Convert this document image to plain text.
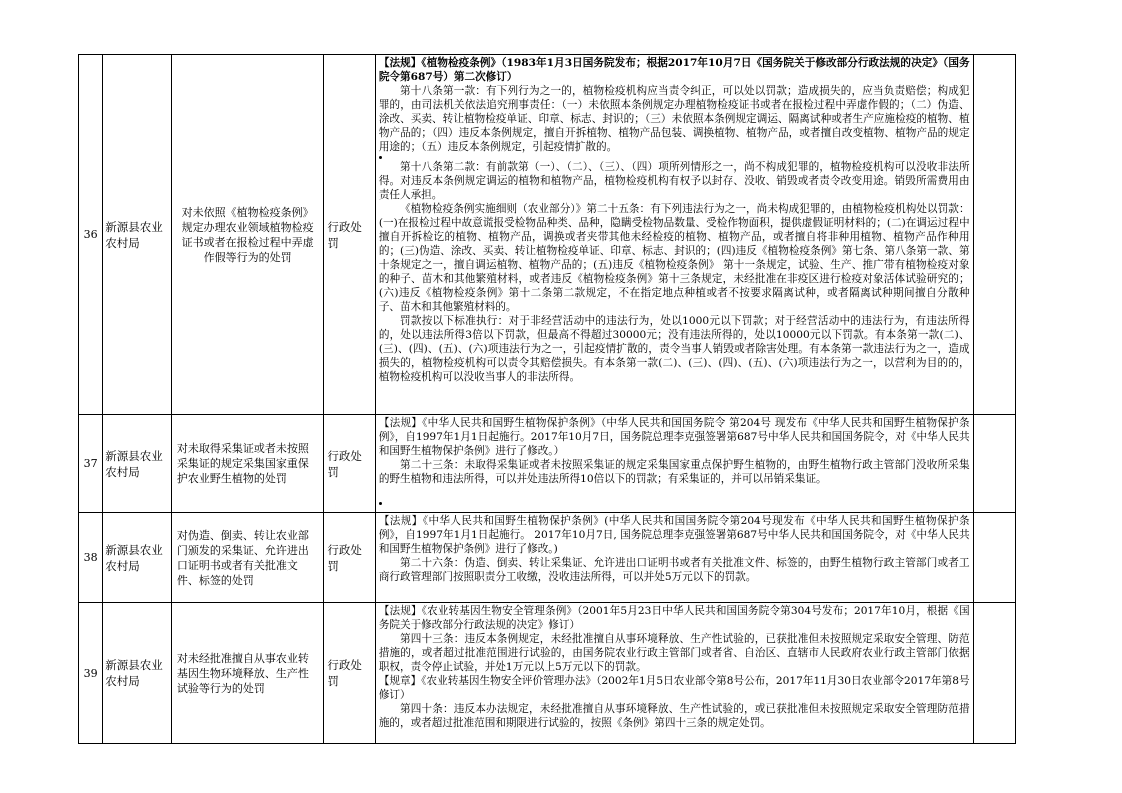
36	新源县农业农村局	对未依照《植物检疫条例》规定办理农业领域植物检疫证书或者在报检过程中弄虚作假等行为的处罚	行政处罚	【法规】《植物检疫条例》（1983年1月3日国务院发布；根据2017年10月7日《国务院关于修改部分行政法规的决定》（国务院令第687号）第二次修订）

第十八条第一款：有下列行为之一的，植物检疫机构应当责令纠正，可以处以罚款；造成损失的，应当负责赔偿；构成犯罪的，由司法机关依法追究刑事责任：（一）未依照本条例规定办理植物检疫证书或者在报检过程中弄虚作假的；（二）伪造、涂改、买卖、转让植物检疫单证、印章、标志、封识的；（三）未依照本条例规定调运、隔离试种或者生产应施检疫的植物、植物产品的；（四）违反本条例规定，擅自开拆植物、植物产品包装、调换植物、植物产品，或者擅自改变植物、植物产品的规定用途的；（五）违反本条例规定，引起疫情扩散的。

第十八条第二款：有前款第（一）、（二）、（三）、（四）项所列情形之一，尚不构成犯罪的，植物检疫机构可以没收非法所得。对违反本条例规定调运的植物和植物产品，植物检疫机构有权予以封存、没收、销毁或者责令改变用途。销毁所需费用由责任人承担。

《植物检疫条例实施细则（农业部分）》第二十五条：有下列违法行为之一，尚未构成犯罪的，由植物检疫机构处以罚款：(一)在报检过程中故意谎报受检物品种类、品种，隐瞒受检物品数量、受检作物面积，提供虚假证明材料的；(二)在调运过程中擅自开拆检讫的植物、植物产品，调换或者夹带其他未经检疫的植物、植物产品，或者擅自将非种用植物、植物产品作种用的；(三)伪造、涂改、买卖、转让植物检疫单证、印章、标志、封识的；(四)违反《植物检疫条例》第七条、第八条第一款、第十条规定之一，擅自调运植物、植物产品的；(五)违反《植物检疫条例》 第十一条规定，试验、生产、推广带有植物检疫对象的种子、苗木和其他繁殖材料，或者违反《植物检疫条例》第十三条规定，未经批准在非疫区进行检疫对象活体试验研究的；(六)违反《植物检疫条例》第十二条第二款规定，不在指定地点种植或者不按要求隔离试种，或者隔离试种期间擅自分散种子、苗木和其他繁殖材料的。

罚款按以下标准执行：对于非经营活动中的违法行为，处以1000元以下罚款；对于经营活动中的违法行为，有违法所得的，处以违法所得3倍以下罚款，但最高不得超过30000元；没有违法所得的，处以10000元以下罚款。有本条第一款(二)、(三)、(四)、(五)、(六)项违法行为之一，引起疫情扩散的，责令当事人销毁或者除害处理。有本条第一款违法行为之一，造成损失的，植物检疫机构可以责令其赔偿损失。有本条第一款(二)、(三)、(四)、(五)、(六)项违法行为之一，以营利为目的的，植物检疫机构可以没收当事人的非法所得。	

37	新源县农业农村局	对未取得采集证或者未按照采集证的规定采集国家重保护农业野生植物的处罚	行政处罚	【法规】《中华人民共和国野生植物保护条例》（中华人民共和国国务院令 第204号 现发布《中华人民共和国野生植物保护条例》，自1997年1月1日起施行。2017年10月7日，国务院总理李克强签署第687号中华人民共和国国务院令，对《中华人民共和国野生植物保护条例》进行了修改。）

第二十三条：未取得采集证或者未按照采集证的规定采集国家重点保护野生植物的，由野生植物行政主管部门没收所采集的野生植物和违法所得，可以并处违法所得10倍以下的罚款；有采集证的，并可以吊销采集证。	

38	新源县农业农村局	对伪造、倒卖、转让农业部门颁发的采集证、允许进出口证明书或者有关批准文件、标签的处罚	行政处罚	【法规】《中华人民共和国野生植物保护条例》(中华人民共和国国务院令第204号现发布《中华人民共和国野生植物保护条例》，自1997年1月1日起施行。 2017年10月7日, 国务院总理李克强签署第687号中华人民共和国国务院令，对《中华人民共和国野生植物保护条例》进行了修改。)

第二十六条：伪造、倒卖、转让采集证、允许进出口证明书或者有关批准文件、标签的，由野生植物行政主管部门或者工商行政管理部门按照职责分工收缴，没收违法所得，可以并处5万元以下的罚款。	

39	新源县农业农村局	对未经批准擅自从事农业转基因生物环境释放、生产性试验等行为的处罚	行政处罚	【法规】《农业转基因生物安全管理条例》（2001年5月23日中华人民共和国国务院令第304号发布；2017年10月，根据《国务院关于修改部分行政法规的决定》修订）

第四十三条：违反本条例规定，未经批准擅自从事环境释放、生产性试验的，已获批准但未按照规定采取安全管理、防范措施的，或者超过批准范围进行试验的，由国务院农业行政主管部门或者省、自治区、直辖市人民政府农业行政主管部门依据职权，责令停止试验，并处1万元以上5万元以下的罚款。

【规章】《农业转基因生物安全评价管理办法》（2002年1月5日农业部令第8号公布，2017年11月30日农业部令2017年第8号修订）

第四十条：违反本办法规定，未经批准擅自从事环境释放、生产性试验的，或已获批准但未按照规定采取安全管理防范措施的，或者超过批准范围和期限进行试验的，按照《条例》第四十三条的规定处罚。	
